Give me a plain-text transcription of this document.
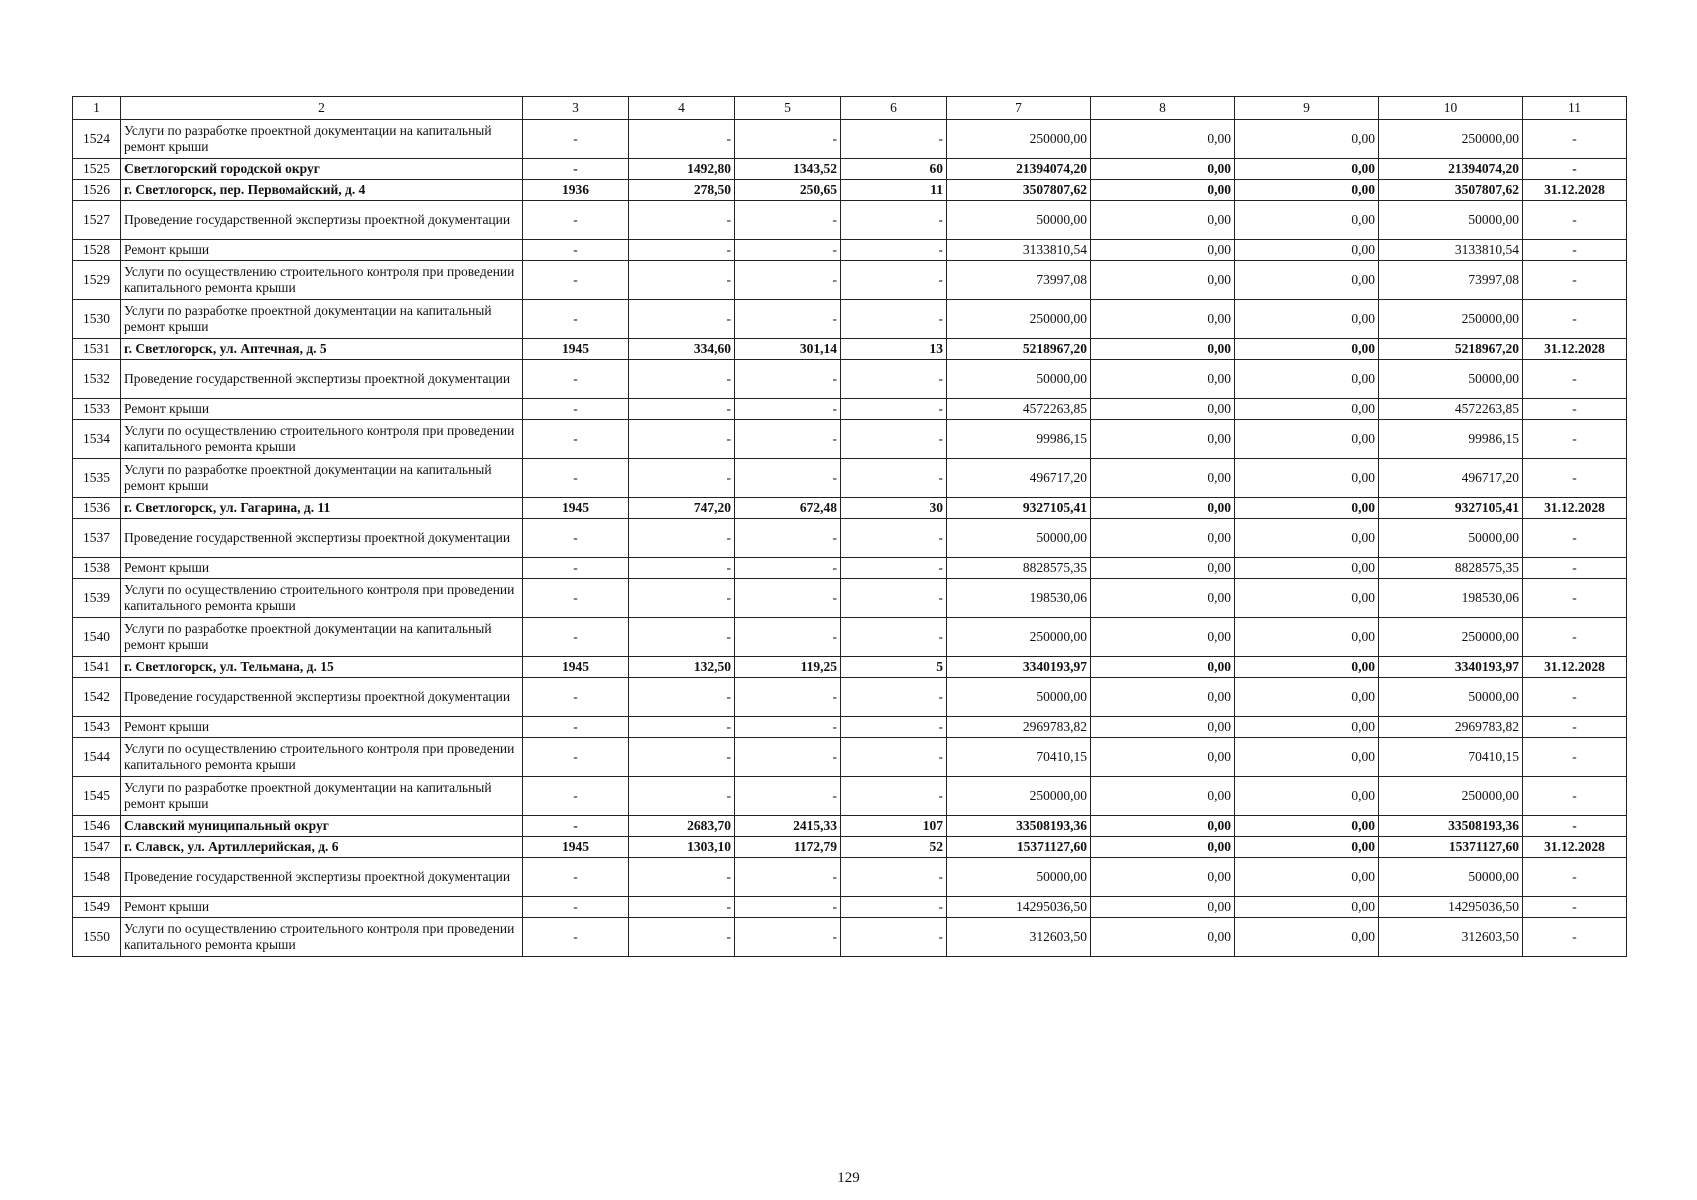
1	2	3	4	5	6	7	8	9	10	11
1524	Услуги по разработке проектной документации на капитальный ремонт крыши	-	-	-	-	250000,00	0,00	0,00	250000,00	-
1525	Светлогорский городской округ	-	1492,80	1343,52	60	21394074,20	0,00	0,00	21394074,20	-
1526	г. Светлогорск, пер. Первомайский, д. 4	1936	278,50	250,65	11	3507807,62	0,00	0,00	3507807,62	31.12.2028
1527	Проведение государственной экспертизы проектной документации	-	-	-	-	50000,00	0,00	0,00	50000,00	-
1528	Ремонт крыши	-	-	-	-	3133810,54	0,00	0,00	3133810,54	-
1529	Услуги по осуществлению строительного контроля при проведении капитального ремонта крыши	-	-	-	-	73997,08	0,00	0,00	73997,08	-
1530	Услуги по разработке проектной документации на капитальный ремонт крыши	-	-	-	-	250000,00	0,00	0,00	250000,00	-
1531	г. Светлогорск, ул. Аптечная, д. 5	1945	334,60	301,14	13	5218967,20	0,00	0,00	5218967,20	31.12.2028
1532	Проведение государственной экспертизы проектной документации	-	-	-	-	50000,00	0,00	0,00	50000,00	-
1533	Ремонт крыши	-	-	-	-	4572263,85	0,00	0,00	4572263,85	-
1534	Услуги по осуществлению строительного контроля при проведении капитального ремонта крыши	-	-	-	-	99986,15	0,00	0,00	99986,15	-
1535	Услуги по разработке проектной документации на капитальный ремонт крыши	-	-	-	-	496717,20	0,00	0,00	496717,20	-
1536	г. Светлогорск, ул. Гагарина, д. 11	1945	747,20	672,48	30	9327105,41	0,00	0,00	9327105,41	31.12.2028
1537	Проведение государственной экспертизы проектной документации	-	-	-	-	50000,00	0,00	0,00	50000,00	-
1538	Ремонт крыши	-	-	-	-	8828575,35	0,00	0,00	8828575,35	-
1539	Услуги по осуществлению строительного контроля при проведении капитального ремонта крыши	-	-	-	-	198530,06	0,00	0,00	198530,06	-
1540	Услуги по разработке проектной документации на капитальный ремонт крыши	-	-	-	-	250000,00	0,00	0,00	250000,00	-
1541	г. Светлогорск, ул. Тельмана, д. 15	1945	132,50	119,25	5	3340193,97	0,00	0,00	3340193,97	31.12.2028
1542	Проведение государственной экспертизы проектной документации	-	-	-	-	50000,00	0,00	0,00	50000,00	-
1543	Ремонт крыши	-	-	-	-	2969783,82	0,00	0,00	2969783,82	-
1544	Услуги по осуществлению строительного контроля при проведении капитального ремонта крыши	-	-	-	-	70410,15	0,00	0,00	70410,15	-
1545	Услуги по разработке проектной документации на капитальный ремонт крыши	-	-	-	-	250000,00	0,00	0,00	250000,00	-
1546	Славский муниципальный округ	-	2683,70	2415,33	107	33508193,36	0,00	0,00	33508193,36	-
1547	г. Славск, ул. Артиллерийская, д. 6	1945	1303,10	1172,79	52	15371127,60	0,00	0,00	15371127,60	31.12.2028
1548	Проведение государственной экспертизы проектной документации	-	-	-	-	50000,00	0,00	0,00	50000,00	-
1549	Ремонт крыши	-	-	-	-	14295036,50	0,00	0,00	14295036,50	-
1550	Услуги по осуществлению строительного контроля при проведении капитального ремонта крыши	-	-	-	-	312603,50	0,00	0,00	312603,50	-
129
